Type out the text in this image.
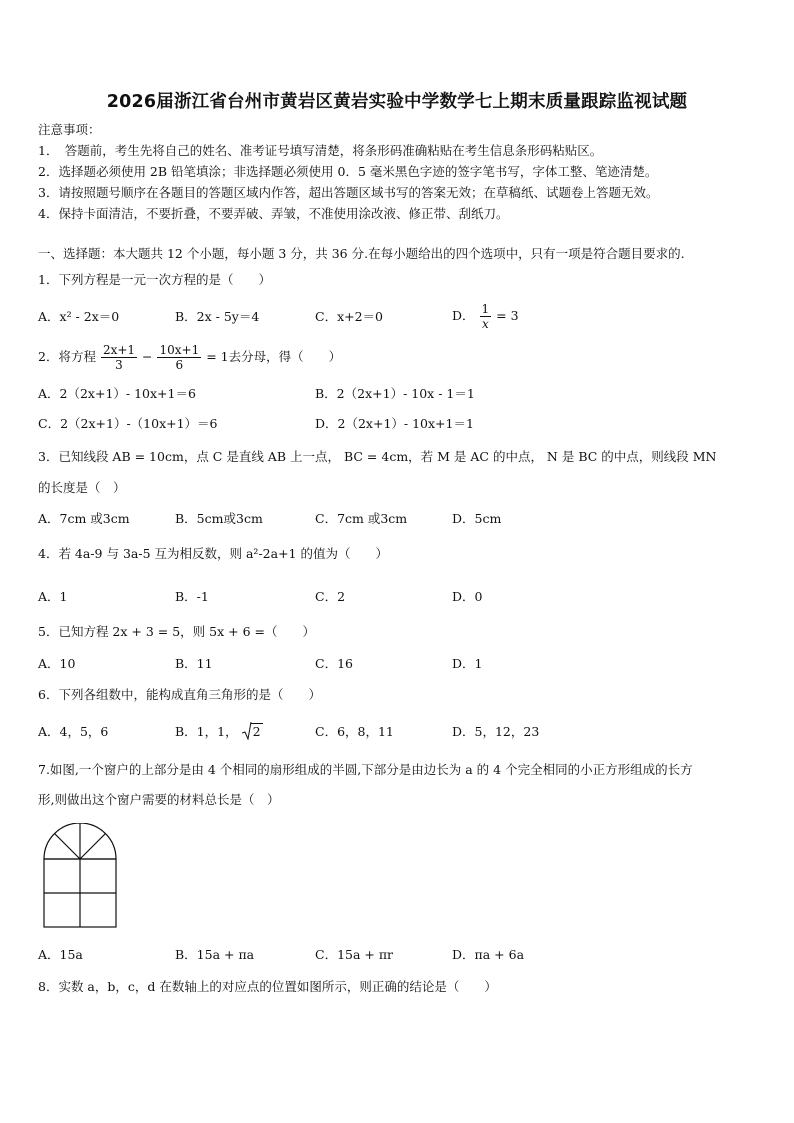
2026届浙江省台州市黄岩区黄岩实验中学数学七上期末质量跟踪监视试题
注意事项：
1．　答题前，考生先将自己的姓名、准考证号填写清楚，将条形码准确粘贴在考生信息条形码粘贴区。
2．选择题必须使用 2B 铅笔填涂；非选择题必须使用 0．5 毫米黑色字迹的签字笔书写，字体工整、笔迹清楚。
3．请按照题号顺序在各题目的答题区域内作答，超出答题区域书写的答案无效；在草稿纸、试题卷上答题无效。
4．保持卡面清洁，不要折叠，不要弄破、弄皱，不准使用涂改液、修正带、刮纸刀。
一、选择题：本大题共 12 个小题，每小题 3 分，共 36 分.在每小题给出的四个选项中，只有一项是符合题目要求的.
1．下列方程是一元一次方程的是（　　）
A．x² - 2x＝0	B．2x - 5y＝4	C．x+2＝0	D． $\frac{1}{x} = 3$
2．将方程 $\frac{2x+1}{3} - \frac{10x+1}{6} = 1$去分母，得（　　）
A．2（2x+1）- 10x+1＝6	B．2（2x+1）- 10x - 1＝1
C．2（2x+1）-（10x+1）＝6	D．2（2x+1）- 10x+1＝1
3．已知线段 AB = 10cm，点 C 是直线 AB 上一点， BC = 4cm，若 M 是 AC 的中点， N 是 BC 的中点，则线段 MN
的长度是（　）
A．7cm 或3cm	B．5cm或3cm	C．7cm 或3cm	D．5cm
4．若 4a-9 与 3a-5 互为相反数，则 a²-2a+1 的值为（　　）
A．1	B．-1	C．2	D．0
5．已知方程 2x + 3 = 5，则 5x + 6 =（　　）
A．10	B．11	C．16	D．1
6．下列各组数中，能构成直角三角形的是（　　）
A．4，5，6	B．1，1， 2	C．6，8，11	D．5，12，23
7.如图,一个窗户的上部分是由 4 个相同的扇形组成的半圆,下部分是由边长为 a 的 4 个完全相同的小正方形组成的长方
形,则做出这个窗户需要的材料总长是（　）
A．15a	B．15a + πa	C．15a + πr	D．πa + 6a
8．实数 a，b，c，d 在数轴上的对应点的位置如图所示，则正确的结论是（　　）
